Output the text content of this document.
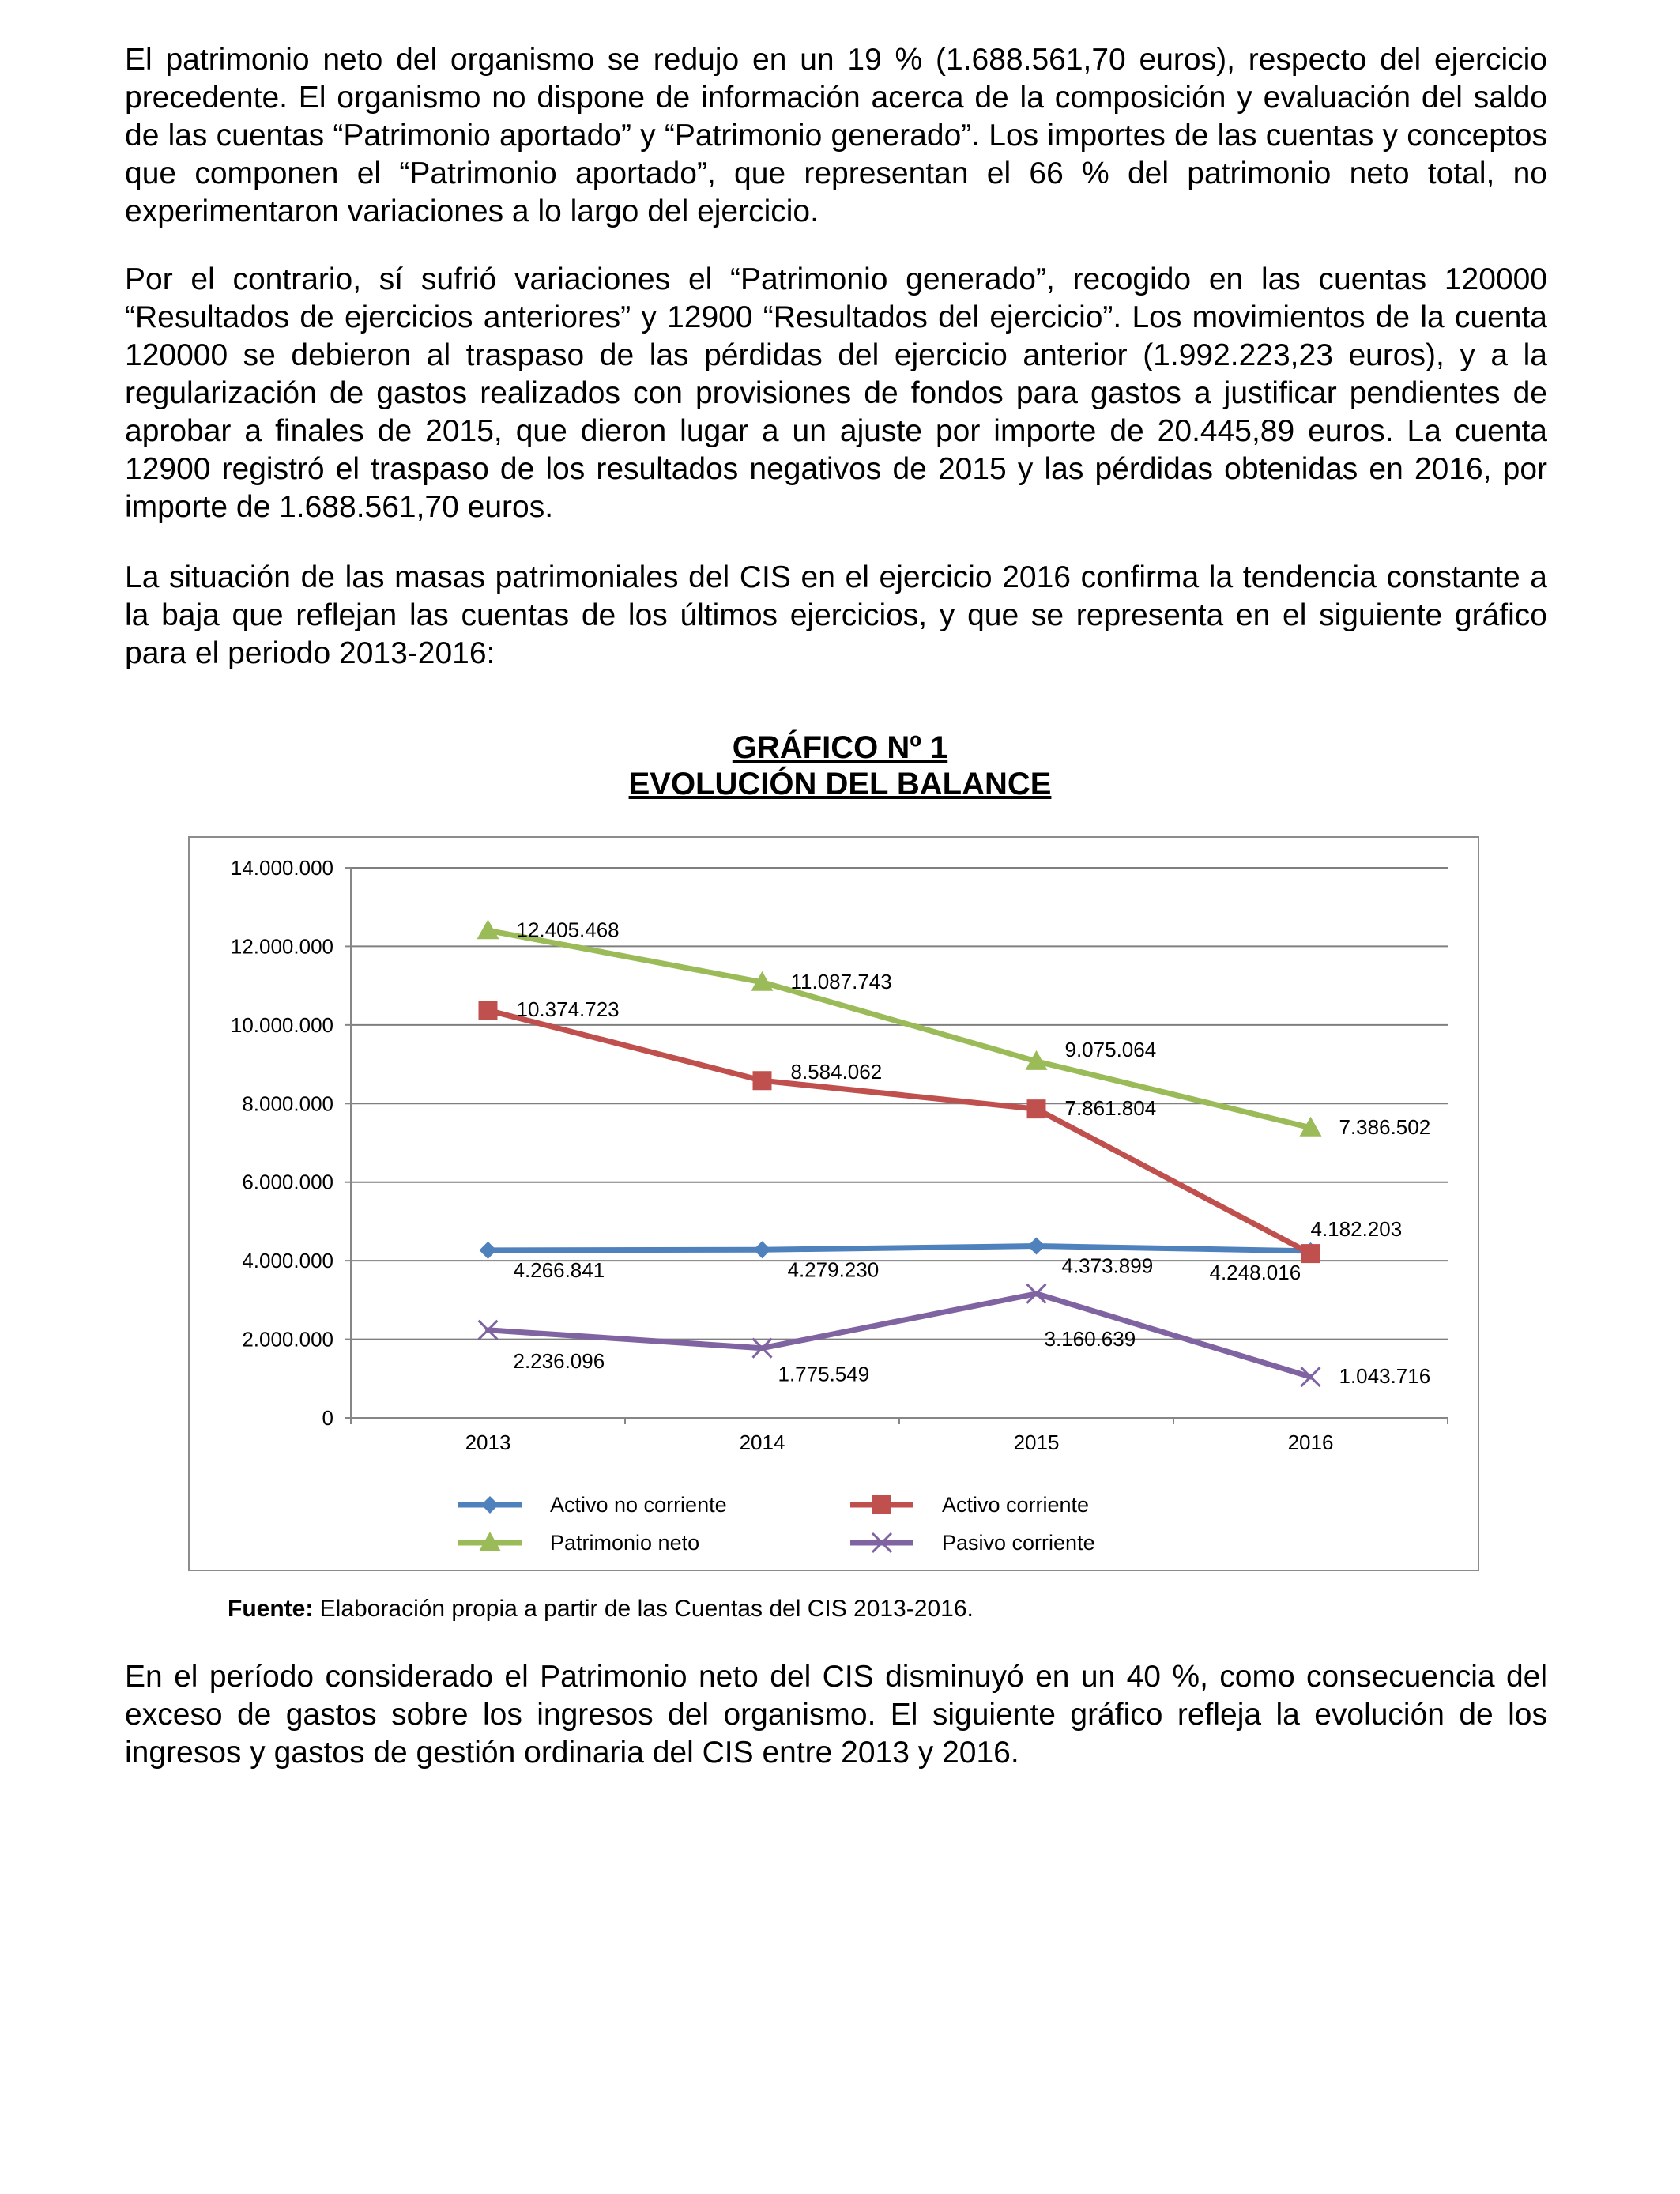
El patrimonio neto del organismo se redujo en un 19 % (1.688.561,70 euros), respecto del ejercicio precedente. El organismo no dispone de información acerca de la composición y evaluación del saldo de las cuentas “Patrimonio aportado” y “Patrimonio generado”. Los importes de las cuentas y conceptos que componen el “Patrimonio aportado”, que representan el 66 % del patrimonio neto total, no experimentaron variaciones a lo largo del ejercicio.

Por el contrario, sí sufrió variaciones el “Patrimonio generado”, recogido en las cuentas 120000 “Resultados de ejercicios anteriores” y 12900 “Resultados del ejercicio”. Los movimientos de la cuenta 120000 se debieron al traspaso de las pérdidas del ejercicio anterior (1.992.223,23 euros), y a la regularización de gastos realizados con provisiones de fondos para gastos a justificar pendientes de aprobar a finales de 2015, que dieron lugar a un ajuste por importe de 20.445,89 euros. La cuenta 12900 registró el traspaso de los resultados negativos de 2015 y las pérdidas obtenidas en 2016, por importe de 1.688.561,70 euros.

La situación de las masas patrimoniales del CIS en el ejercicio 2016 confirma la tendencia constante a la baja que reflejan las cuentas de los últimos ejercicios, y que se representa en el siguiente gráfico para el periodo 2013-2016:

GRÁFICO Nº 1
EVOLUCIÓN DEL BALANCE
0
2.000.000
4.000.000
6.000.000
8.000.000
10.000.000
12.000.000
14.000.000
2013	2014	2015	2016
4.266.841	4.279.230	4.373.899	4.248.016
10.374.723
8.584.062
7.861.804
4.182.203
12.405.468
11.087.743
9.075.064
7.386.502
2.236.096
1.775.549
3.160.639
1.043.716
Activo no corriente	Activo corriente
Patrimonio neto	Pasivo corriente

Fuente: Elaboración propia a partir de las Cuentas del CIS 2013-2016.

En el período considerado el Patrimonio neto del CIS disminuyó en un 40 %, como consecuencia del exceso de gastos sobre los ingresos del organismo. El siguiente gráfico refleja la evolución de los ingresos y gastos de gestión ordinaria del CIS entre 2013 y 2016.
